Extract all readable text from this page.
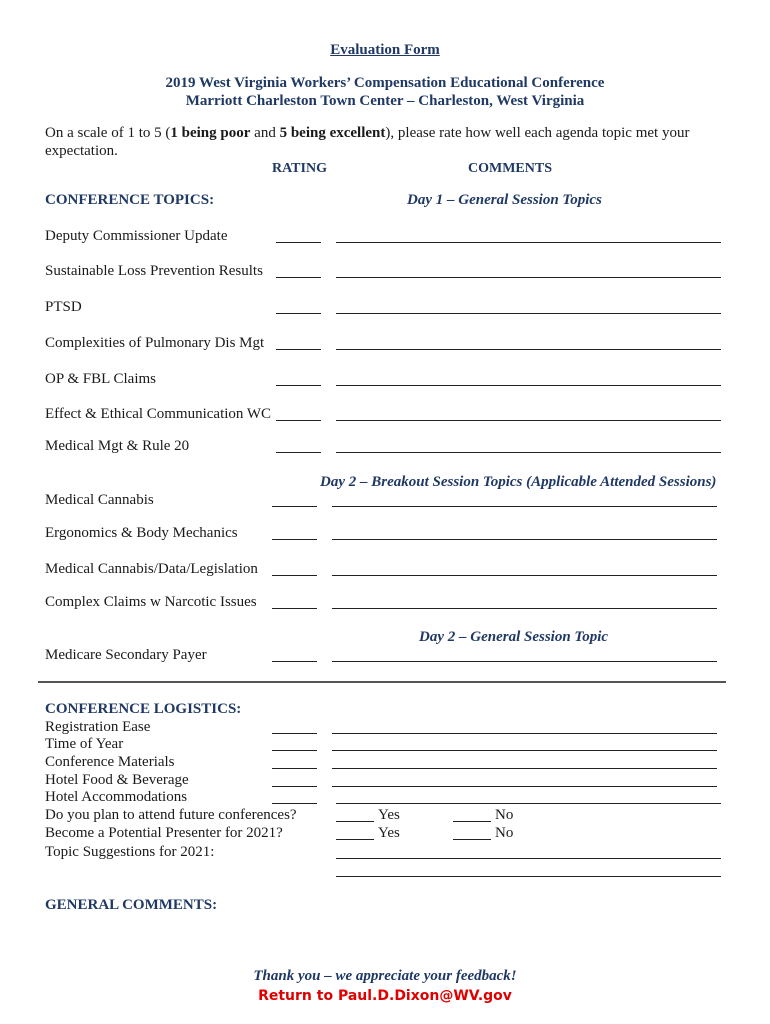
Evaluation Form
2019 West Virginia Workers’ Compensation Educational Conference
Marriott Charleston Town Center – Charleston, West Virginia
On a scale of 1 to 5 (1 being poor and 5 being excellent), please rate how well each agenda topic met your
expectation.
RATING	COMMENTS
CONFERENCE TOPICS:	Day 1 – General Session Topics
Deputy Commissioner Update
Sustainable Loss Prevention Results
PTSD
Complexities of Pulmonary Dis Mgt
OP & FBL Claims
Effect & Ethical Communication WC
Medical Mgt & Rule 20
Day 2 – Breakout Session Topics (Applicable Attended Sessions)
Medical Cannabis
Ergonomics & Body Mechanics
Medical Cannabis/Data/Legislation
Complex Claims w Narcotic Issues
Day 2 – General Session Topic
Medicare Secondary Payer
CONFERENCE LOGISTICS:
Registration Ease
Time of Year
Conference Materials
Hotel Food & Beverage
Hotel Accommodations
Do you plan to attend future conferences?	Yes	No
Become a Potential Presenter for 2021?	Yes	No
Topic Suggestions for 2021:
GENERAL COMMENTS:
Thank you – we appreciate your feedback!
Return to Paul.D.Dixon@WV.gov
